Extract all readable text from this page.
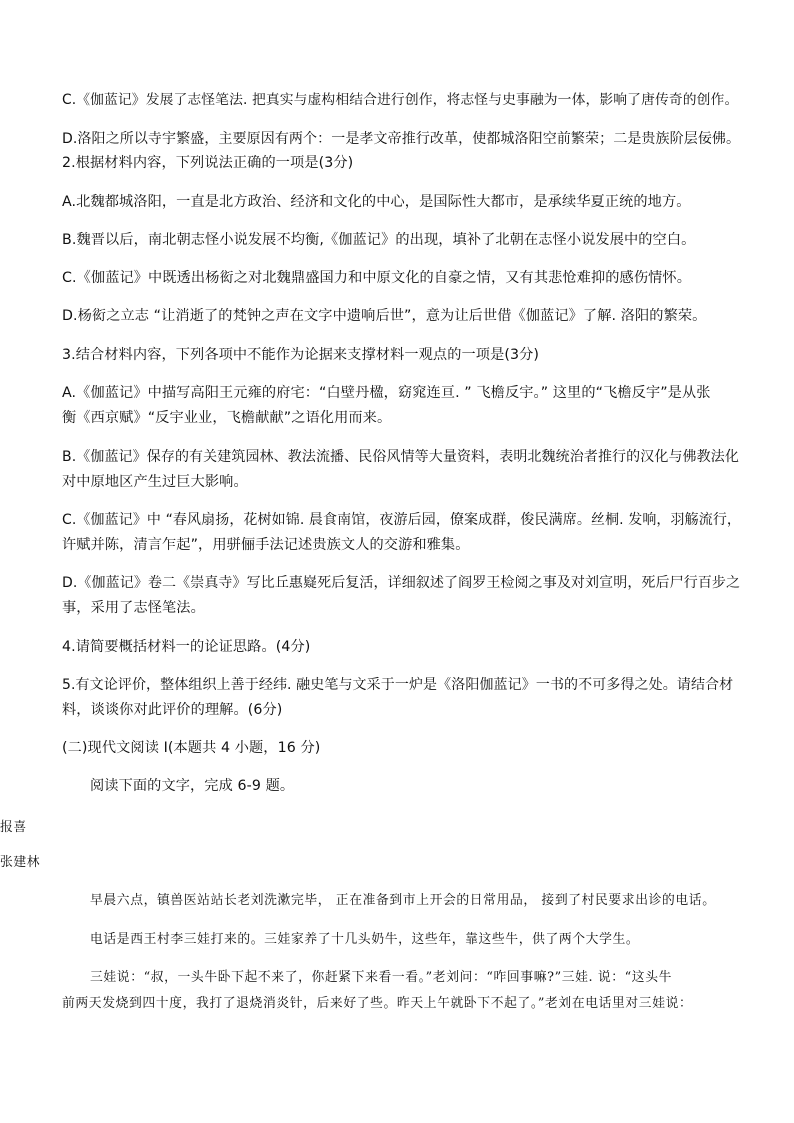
C.《伽蓝记》发展了志怪笔法. 把真实与虚构相结合进行创作，将志怪与史事融为一体，影响了唐传奇的创作。
D.洛阳之所以寺宇繁盛，主要原因有两个：一是孝文帝推行改革，使都城洛阳空前繁荣；二是贵族阶层佞佛。
2.根据材料内容，下列说法正确的一项是(3分)
A.北魏都城洛阳，一直是北方政治、经济和文化的中心，是国际性大都市，是承续华夏正统的地方。
B.魏晋以后，南北朝志怪小说发展不均衡,《伽蓝记》的出现，填补了北朝在志怪小说发展中的空白。
C.《伽蓝记》中既透出杨衒之对北魏鼎盛国力和中原文化的自豪之情，又有其悲怆难抑的感伤情怀。
D.杨衒之立志 “让消逝了的梵钟之声在文字中遗响后世”，意为让后世借《伽蓝记》了解. 洛阳的繁荣。
3.结合材料内容，下列各项中不能作为论据来支撑材料一观点的一项是(3分)
A.《伽蓝记》中描写高阳王元雍的府宅：“白壁丹楹，窈窕连亘. ” 飞檐反宇。” 这里的“飞檐反宇”是从张
衡《西京赋》“反宇业业，飞檐献献”之语化用而来。
B.《伽蓝记》保存的有关建筑园林、教法流播、民俗风情等大量资料，表明北魏统治者推行的汉化与佛教法化
对中原地区产生过巨大影响。
C.《伽蓝记》中 “春风扇扬，花树如锦. 晨食南馆，夜游后园，僚案成群，俊民满席。丝桐. 发响，羽觞流行，
许赋并陈，清言乍起”，用骈俪手法记述贵族文人的交游和雅集。
D.《伽蓝记》卷二《崇真寺》写比丘惠嶷死后复活，详细叙述了阎罗王检阅之事及对刘宣明，死后尸行百步之
事，采用了志怪笔法。
4.请简要概括材料一的论证思路。(4分)
5.有文论评价，整体组织上善于经纬. 融史笔与文采于一炉是《洛阳伽蓝记》一书的不可多得之处。请结合材
料，谈谈你对此评价的理解。(6分)
(二)现代文阅读 I(本题共 4 小题，16 分)
阅读下面的文字，完成 6-9 题。
报喜
张建林
早晨六点，镇兽医站站长老刘洗漱完毕， 正在准备到市上开会的日常用品， 接到了村民要求出诊的电话。
电话是西王村李三娃打来的。三娃家养了十几头奶牛，这些年，靠这些牛，供了两个大学生。
三娃说：“叔，一头牛卧下起不来了，你赶紧下来看一看。”老刘问：“咋回事嘛?”三娃. 说：“这头牛
前两天发烧到四十度，我打了退烧消炎针，后来好了些。昨天上午就卧下不起了。”老刘在电话里对三娃说：
